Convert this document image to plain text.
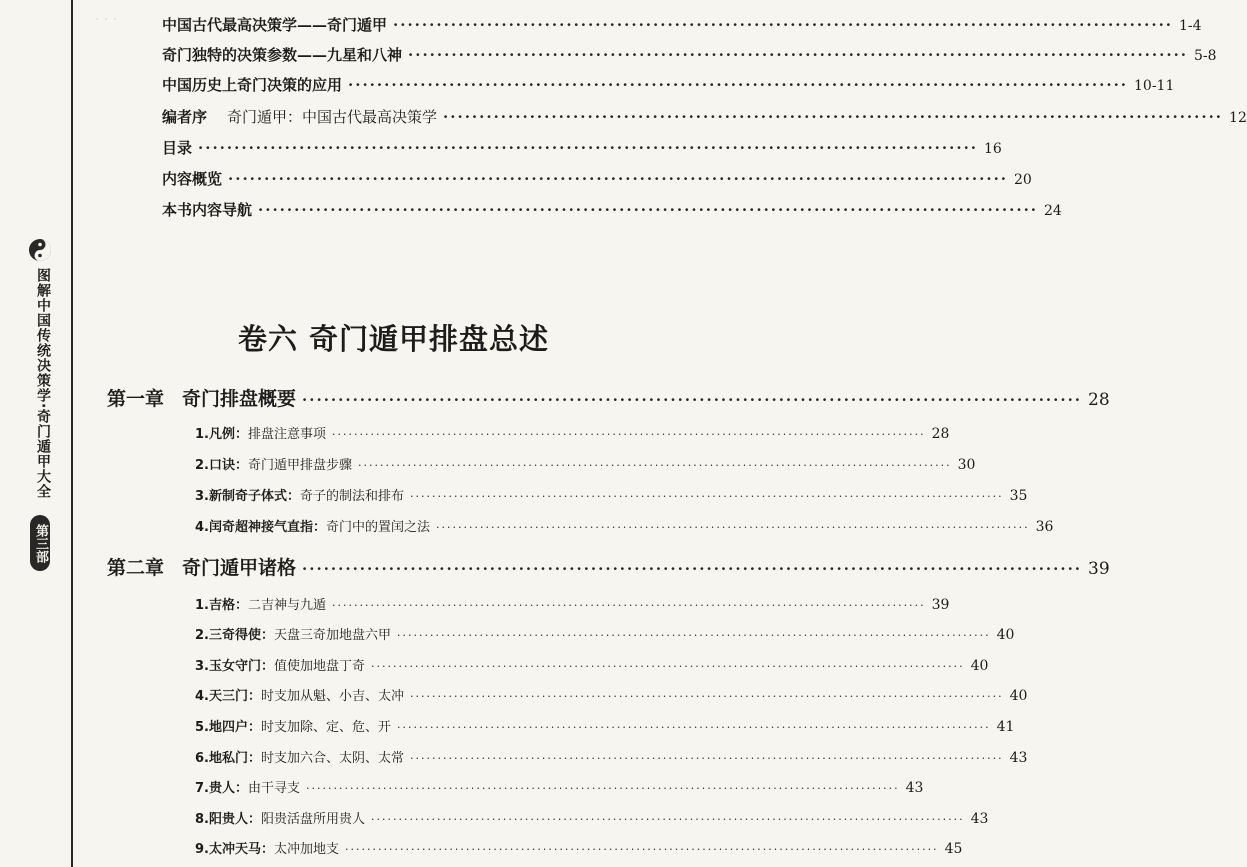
· · ·
图解中国传统决策学·奇门遁甲大全
第三部
中国古代最高决策学——奇门遁甲 ············································································································ 1-4
奇门独特的决策参数——九星和八神 ············································································································ 5-8
中国历史上奇门决策的应用 ············································································································ 10-11
编者序 奇门遁甲：中国古代最高决策学 ············································································································ 12
目录 ············································································································ 16
内容概览 ············································································································ 20
本书内容导航 ············································································································ 24
卷六 奇门遁甲排盘总述
第一章 奇门排盘概要 ············································································································ 28
1.凡例： 排盘注意事项 ············································································································ 28
2.口诀： 奇门遁甲排盘步骤 ············································································································ 30
3.新制奇子体式： 奇子的制法和排布 ············································································································ 35
4.闰奇超神接气直指： 奇门中的置闰之法 ············································································································ 36
第二章 奇门遁甲诸格 ············································································································ 39
1.吉格： 二吉神与九遁 ············································································································ 39
2.三奇得使： 天盘三奇加地盘六甲 ············································································································ 40
3.玉女守门： 值使加地盘丁奇 ············································································································ 40
4.天三门： 时支加从魁、小吉、太冲 ············································································································ 40
5.地四户： 时支加除、定、危、开 ············································································································ 41
6.地私门： 时支加六合、太阴、太常 ············································································································ 43
7.贵人： 由干寻支 ············································································································ 43
8.阳贵人： 阳贵活盘所用贵人 ············································································································ 43
9.太冲天马： 太冲加地支 ············································································································ 45
